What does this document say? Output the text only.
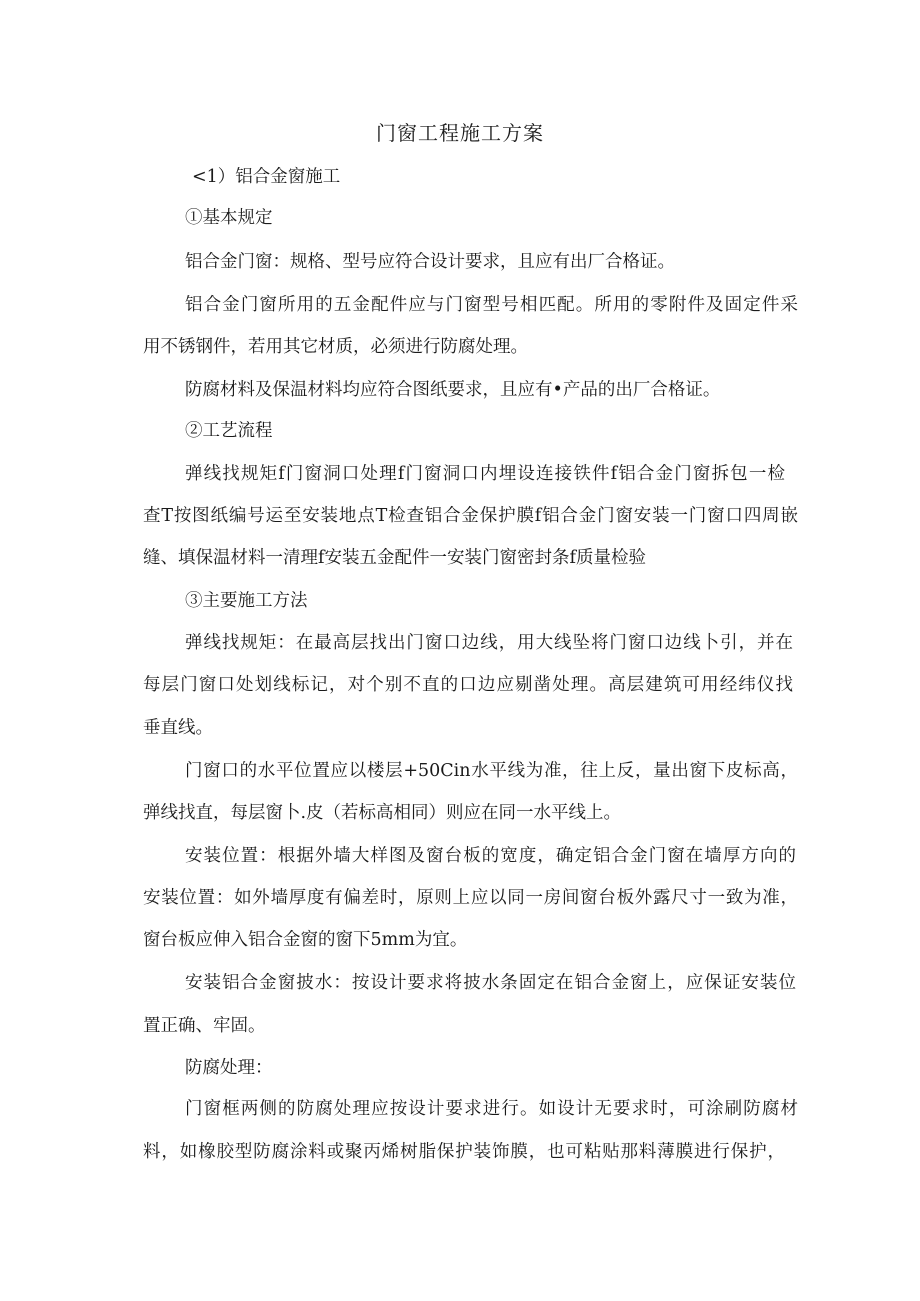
门窗工程施工方案
<1）铝合金窗施工
①基本规定
铝合金门窗：规格、型号应符合设计要求，且应有出厂合格证。
铝合金门窗所用的五金配件应与门窗型号相匹配。所用的零附件及固定件采
用不锈钢件，若用其它材质，必须进行防腐处理。
防腐材料及保温材料均应符合图纸要求，且应有•产品的出厂合格证。
②工艺流程
弹线找规矩f门窗洞口处理f门窗洞口内埋设连接铁件f铝合金门窗拆包一检
查T按图纸编号运至安装地点T检查铝合金保护膜f铝合金门窗安装一门窗口四周嵌
缝、填保温材料一清理f安装五金配件一安装门窗密封条f质量检验
③主要施工方法
弹线找规矩：在最高层找出门窗口边线，用大线坠将门窗口边线卜引，并在
每层门窗口处划线标记，对个别不直的口边应剔凿处理。高层建筑可用经纬仪找
垂直线。
门窗口的水平位置应以楼层+50Cin水平线为准，往上反，量出窗下皮标高，
弹线找直，每层窗卜.皮（若标高相同）则应在同一水平线上。
安装位置：根据外墙大样图及窗台板的宽度，确定铝合金门窗在墙厚方向的
安装位置：如外墙厚度有偏差时，原则上应以同一房间窗台板外露尺寸一致为准，
窗台板应伸入铝合金窗的窗下5mm为宜。
安装铝合金窗披水：按设计要求将披水条固定在铝合金窗上，应保证安装位
置正确、牢固。
防腐处理：
门窗框两侧的防腐处理应按设计要求进行。如设计无要求时，可涂刷防腐材
料，如橡胶型防腐涂料或聚丙烯树脂保护装饰膜，也可粘贴那料薄膜进行保护，
